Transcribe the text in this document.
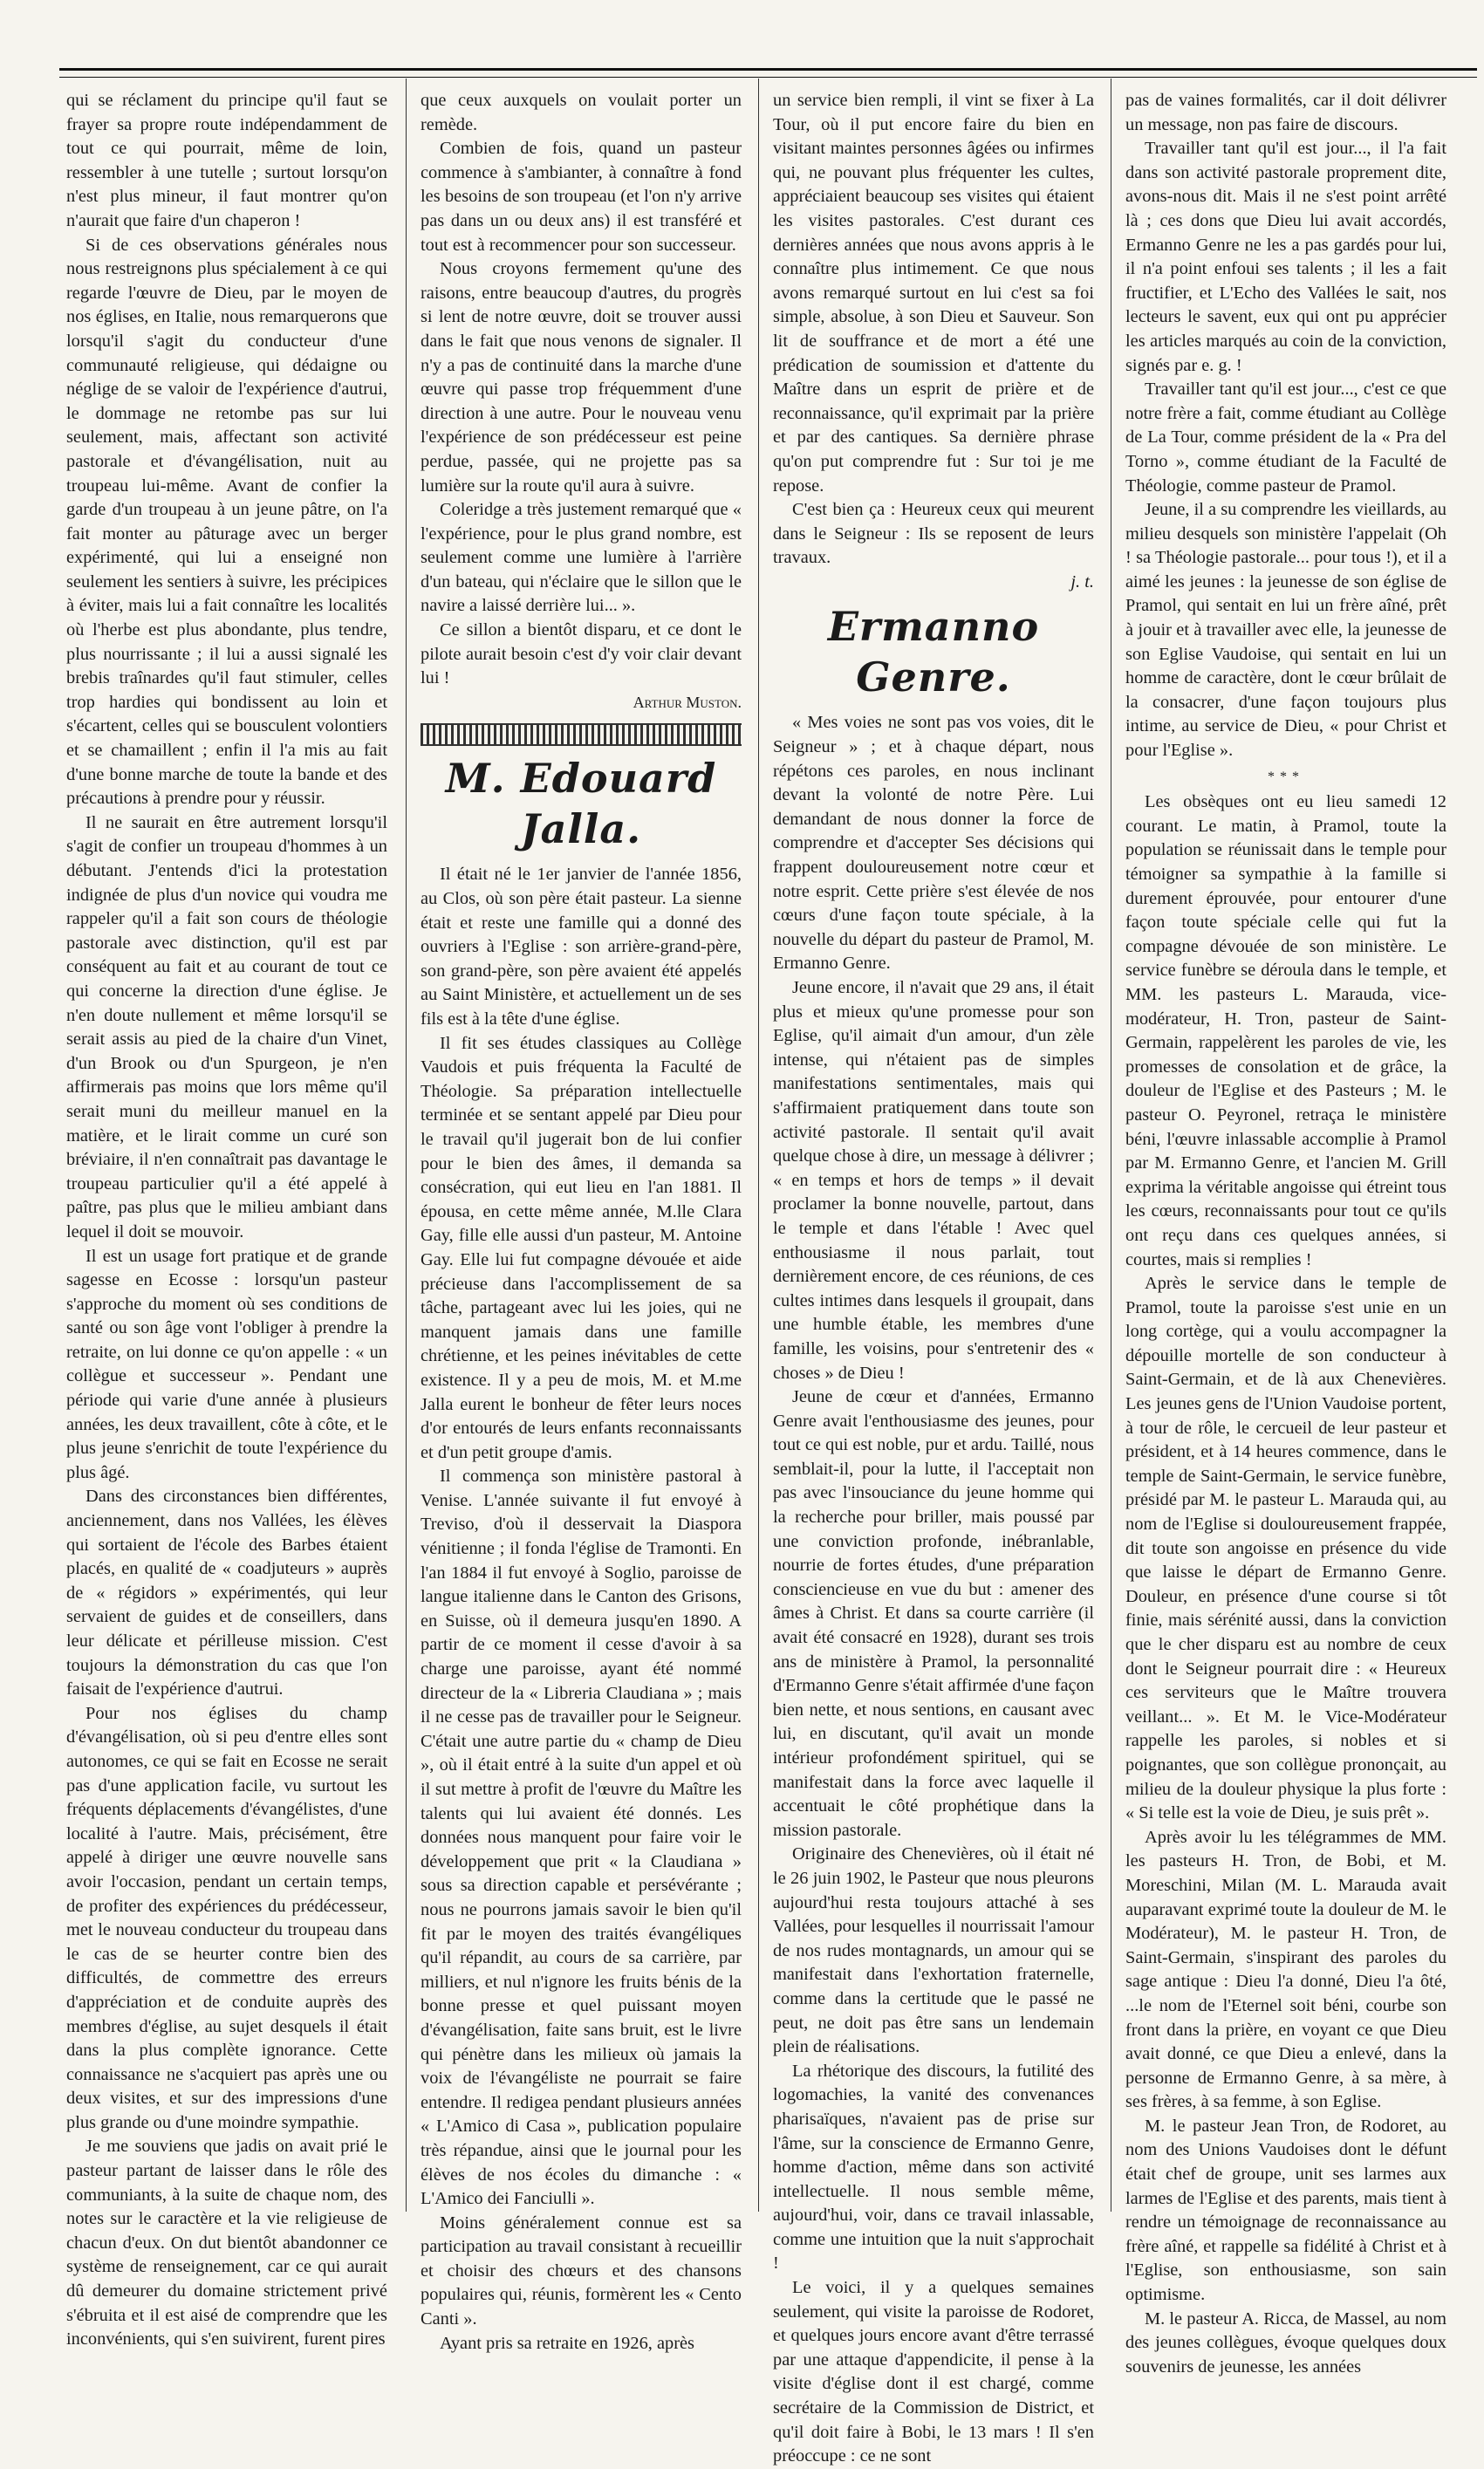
qui se réclament du principe qu'il faut se frayer sa propre route indépendamment de tout ce qui pourrait, même de loin, ressembler à une tutelle ; surtout lorsqu'on n'est plus mineur, il faut montrer qu'on n'aurait que faire d'un chaperon !

Si de ces observations générales nous nous restreignons plus spécialement à ce qui regarde l'œuvre de Dieu, par le moyen de nos églises, en Italie, nous remarquerons que lorsqu'il s'agit du conducteur d'une communauté religieuse, qui dédaigne ou néglige de se valoir de l'expérience d'autrui, le dommage ne retombe pas sur lui seulement, mais, affectant son activité pastorale et d'évangélisation, nuit au troupeau lui-même. Avant de confier la garde d'un troupeau à un jeune pâtre, on l'a fait monter au pâturage avec un berger expérimenté, qui lui a enseigné non seulement les sentiers à suivre, les précipices à éviter, mais lui a fait connaître les localités où l'herbe est plus abondante, plus tendre, plus nourrissante ; il lui a aussi signalé les brebis traînardes qu'il faut stimuler, celles trop hardies qui bondissent au loin et s'écartent, celles qui se bousculent volontiers et se chamaillent ; enfin il l'a mis au fait d'une bonne marche de toute la bande et des précautions à prendre pour y réussir.

Il ne saurait en être autrement lorsqu'il s'agit de confier un troupeau d'hommes à un débutant. J'entends d'ici la protestation indignée de plus d'un novice qui voudra me rappeler qu'il a fait son cours de théologie pastorale avec distinction, qu'il est par conséquent au fait et au courant de tout ce qui concerne la direction d'une église. Je n'en doute nullement et même lorsqu'il se serait assis au pied de la chaire d'un Vinet, d'un Brook ou d'un Spurgeon, je n'en affirmerais pas moins que lors même qu'il serait muni du meilleur manuel en la matière, et le lirait comme un curé son bréviaire, il n'en connaîtrait pas davantage le troupeau particulier qu'il a été appelé à paître, pas plus que le milieu ambiant dans lequel il doit se mouvoir.

Il est un usage fort pratique et de grande sagesse en Ecosse : lorsqu'un pasteur s'approche du moment où ses conditions de santé ou son âge vont l'obliger à prendre la retraite, on lui donne ce qu'on appelle : « un collègue et successeur ». Pendant une période qui varie d'une année à plusieurs années, les deux travaillent, côte à côte, et le plus jeune s'enrichit de toute l'expérience du plus âgé.

Dans des circonstances bien différentes, anciennement, dans nos Vallées, les élèves qui sortaient de l'école des Barbes étaient placés, en qualité de « coadjuteurs » auprès de « régidors » expérimentés, qui leur servaient de guides et de conseillers, dans leur délicate et périlleuse mission. C'est toujours la démonstration du cas que l'on faisait de l'expérience d'autrui.

Pour nos églises du champ d'évangélisation, où si peu d'entre elles sont autonomes, ce qui se fait en Ecosse ne serait pas d'une application facile, vu surtout les fréquents déplacements d'évangélistes, d'une localité à l'autre. Mais, précisément, être appelé à diriger une œuvre nouvelle sans avoir l'occasion, pendant un certain temps, de profiter des expériences du prédécesseur, met le nouveau conducteur du troupeau dans le cas de se heurter contre bien des difficultés, de commettre des erreurs d'appréciation et de conduite auprès des membres d'église, au sujet desquels il était dans la plus complète ignorance. Cette connaissance ne s'acquiert pas après une ou deux visites, et sur des impressions d'une plus grande ou d'une moindre sympathie.

Je me souviens que jadis on avait prié le pasteur partant de laisser dans le rôle des communiants, à la suite de chaque nom, des notes sur le caractère et la vie religieuse de chacun d'eux. On dut bientôt abandonner ce système de renseignement, car ce qui aurait dû demeurer du domaine strictement privé s'ébruita et il est aisé de comprendre que les inconvénients, qui s'en suivirent, furent pires

que ceux auxquels on voulait porter un remède.

Combien de fois, quand un pasteur commence à s'ambianter, à connaître à fond les besoins de son troupeau (et l'on n'y arrive pas dans un ou deux ans) il est transféré et tout est à recommencer pour son successeur.

Nous croyons fermement qu'une des raisons, entre beaucoup d'autres, du progrès si lent de notre œuvre, doit se trouver aussi dans le fait que nous venons de signaler. Il n'y a pas de continuité dans la marche d'une œuvre qui passe trop fréquemment d'une direction à une autre. Pour le nouveau venu l'expérience de son prédécesseur est peine perdue, passée, qui ne projette pas sa lumière sur la route qu'il aura à suivre.

Coleridge a très justement remarqué que « l'expérience, pour le plus grand nombre, est seulement comme une lumière à l'arrière d'un bateau, qui n'éclaire que le sillon que le navire a laissé derrière lui... ».

Ce sillon a bientôt disparu, et ce dont le pilote aurait besoin c'est d'y voir clair devant lui !

Arthur Muston.
M. Edouard Jalla.

Il était né le 1er janvier de l'année 1856, au Clos, où son père était pasteur. La sienne était et reste une famille qui a donné des ouvriers à l'Eglise : son arrière-grand-père, son grand-père, son père avaient été appelés au Saint Ministère, et actuellement un de ses fils est à la tête d'une église.

Il fit ses études classiques au Collège Vaudois et puis fréquenta la Faculté de Théologie. Sa préparation intellectuelle terminée et se sentant appelé par Dieu pour le travail qu'il jugerait bon de lui confier pour le bien des âmes, il demanda sa consécration, qui eut lieu en l'an 1881. Il épousa, en cette même année, M.lle Clara Gay, fille elle aussi d'un pasteur, M. Antoine Gay. Elle lui fut compagne dévouée et aide précieuse dans l'accomplissement de sa tâche, partageant avec lui les joies, qui ne manquent jamais dans une famille chrétienne, et les peines inévitables de cette existence. Il y a peu de mois, M. et M.me Jalla eurent le bonheur de fêter leurs noces d'or entourés de leurs enfants reconnaissants et d'un petit groupe d'amis.

Il commença son ministère pastoral à Venise. L'année suivante il fut envoyé à Treviso, d'où il desservait la Diaspora vénitienne ; il fonda l'église de Tramonti. En l'an 1884 il fut envoyé à Soglio, paroisse de langue italienne dans le Canton des Grisons, en Suisse, où il demeura jusqu'en 1890. A partir de ce moment il cesse d'avoir à sa charge une paroisse, ayant été nommé directeur de la « Libreria Claudiana » ; mais il ne cesse pas de travailler pour le Seigneur. C'était une autre partie du « champ de Dieu », où il était entré à la suite d'un appel et où il sut mettre à profit de l'œuvre du Maître les talents qui lui avaient été donnés. Les données nous manquent pour faire voir le développement que prit « la Claudiana » sous sa direction capable et persévérante ; nous ne pourrons jamais savoir le bien qu'il fit par le moyen des traités évangéliques qu'il répandit, au cours de sa carrière, par milliers, et nul n'ignore les fruits bénis de la bonne presse et quel puissant moyen d'évangélisation, faite sans bruit, est le livre qui pénètre dans les milieux où jamais la voix de l'évangéliste ne pourrait se faire entendre. Il redigea pendant plusieurs années « L'Amico di Casa », publication populaire très répandue, ainsi que le journal pour les élèves de nos écoles du dimanche : « L'Amico dei Fanciulli ».

Moins généralement connue est sa participation au travail consistant à recueillir et choisir des chœurs et des chansons populaires qui, réunis, formèrent les « Cento Canti ».

Ayant pris sa retraite en 1926, après

un service bien rempli, il vint se fixer à La Tour, où il put encore faire du bien en visitant maintes personnes âgées ou infirmes qui, ne pouvant plus fréquenter les cultes, appréciaient beaucoup ses visites qui étaient les visites pastorales. C'est durant ces dernières années que nous avons appris à le connaître plus intimement. Ce que nous avons remarqué surtout en lui c'est sa foi simple, absolue, à son Dieu et Sauveur. Son lit de souffrance et de mort a été une prédication de soumission et d'attente du Maître dans un esprit de prière et de reconnaissance, qu'il exprimait par la prière et par des cantiques. Sa dernière phrase qu'on put comprendre fut : Sur toi je me repose.

C'est bien ça : Heureux ceux qui meurent dans le Seigneur : Ils se reposent de leurs travaux.

j. t.
Ermanno Genre.

« Mes voies ne sont pas vos voies, dit le Seigneur » ; et à chaque départ, nous répétons ces paroles, en nous inclinant devant la volonté de notre Père. Lui demandant de nous donner la force de comprendre et d'accepter Ses décisions qui frappent douloureusement notre cœur et notre esprit. Cette prière s'est élevée de nos cœurs d'une façon toute spéciale, à la nouvelle du départ du pasteur de Pramol, M. Ermanno Genre.

Jeune encore, il n'avait que 29 ans, il était plus et mieux qu'une promesse pour son Eglise, qu'il aimait d'un amour, d'un zèle intense, qui n'étaient pas de simples manifestations sentimentales, mais qui s'affirmaient pratiquement dans toute son activité pastorale. Il sentait qu'il avait quelque chose à dire, un message à délivrer ; « en temps et hors de temps » il devait proclamer la bonne nouvelle, partout, dans le temple et dans l'étable ! Avec quel enthousiasme il nous parlait, tout dernièrement encore, de ces réunions, de ces cultes intimes dans lesquels il groupait, dans une humble étable, les membres d'une famille, les voisins, pour s'entretenir des « choses » de Dieu !

Jeune de cœur et d'années, Ermanno Genre avait l'enthousiasme des jeunes, pour tout ce qui est noble, pur et ardu. Taillé, nous semblait-il, pour la lutte, il l'acceptait non pas avec l'insouciance du jeune homme qui la recherche pour briller, mais poussé par une conviction profonde, inébranlable, nourrie de fortes études, d'une préparation consciencieuse en vue du but : amener des âmes à Christ. Et dans sa courte carrière (il avait été consacré en 1928), durant ses trois ans de ministère à Pramol, la personnalité d'Ermanno Genre s'était affirmée d'une façon bien nette, et nous sentions, en causant avec lui, en discutant, qu'il avait un monde intérieur profondément spirituel, qui se manifestait dans la force avec laquelle il accentuait le côté prophétique dans la mission pastorale.

Originaire des Chenevières, où il était né le 26 juin 1902, le Pasteur que nous pleurons aujourd'hui resta toujours attaché à ses Vallées, pour lesquelles il nourrissait l'amour de nos rudes montagnards, un amour qui se manifestait dans l'exhortation fraternelle, comme dans la certitude que le passé ne peut, ne doit pas être sans un lendemain plein de réalisations.

La rhétorique des discours, la futilité des logomachies, la vanité des convenances pharisaïques, n'avaient pas de prise sur l'âme, sur la conscience de Ermanno Genre, homme d'action, même dans son activité intellectuelle. Il nous semble même, aujourd'hui, voir, dans ce travail inlassable, comme une intuition que la nuit s'approchait !

Le voici, il y a quelques semaines seulement, qui visite la paroisse de Rodoret, et quelques jours encore avant d'être terrassé par une attaque d'appendicite, il pense à la visite d'église dont il est chargé, comme secrétaire de la Commission de District, et qu'il doit faire à Bobi, le 13 mars ! Il s'en préoccupe : ce ne sont

pas de vaines formalités, car il doit délivrer un message, non pas faire de discours.

Travailler tant qu'il est jour..., il l'a fait dans son activité pastorale proprement dite, avons-nous dit. Mais il ne s'est point arrêté là ; ces dons que Dieu lui avait accordés, Ermanno Genre ne les a pas gardés pour lui, il n'a point enfoui ses talents ; il les a fait fructifier, et L'Echo des Vallées le sait, nos lecteurs le savent, eux qui ont pu apprécier les articles marqués au coin de la conviction, signés par e. g. !

Travailler tant qu'il est jour..., c'est ce que notre frère a fait, comme étudiant au Collège de La Tour, comme président de la « Pra del Torno », comme étudiant de la Faculté de Théologie, comme pasteur de Pramol.

Jeune, il a su comprendre les vieillards, au milieu desquels son ministère l'appelait (Oh ! sa Théologie pastorale... pour tous !), et il a aimé les jeunes : la jeunesse de son église de Pramol, qui sentait en lui un frère aîné, prêt à jouir et à travailler avec elle, la jeunesse de son Eglise Vaudoise, qui sentait en lui un homme de caractère, dont le cœur brûlait de la consacrer, d'une façon toujours plus intime, au service de Dieu, « pour Christ et pour l'Eglise ».

***

Les obsèques ont eu lieu samedi 12 courant. Le matin, à Pramol, toute la population se réunissait dans le temple pour témoigner sa sympathie à la famille si durement éprouvée, pour entourer d'une façon toute spéciale celle qui fut la compagne dévouée de son ministère. Le service funèbre se déroula dans le temple, et MM. les pasteurs L. Marauda, vice-modérateur, H. Tron, pasteur de Saint-Germain, rappelèrent les paroles de vie, les promesses de consolation et de grâce, la douleur de l'Eglise et des Pasteurs ; M. le pasteur O. Peyronel, retraça le ministère béni, l'œuvre inlassable accomplie à Pramol par M. Ermanno Genre, et l'ancien M. Grill exprima la véritable angoisse qui étreint tous les cœurs, reconnaissants pour tout ce qu'ils ont reçu dans ces quelques années, si courtes, mais si remplies !

Après le service dans le temple de Pramol, toute la paroisse s'est unie en un long cortège, qui a voulu accompagner la dépouille mortelle de son conducteur à Saint-Germain, et de là aux Chenevières. Les jeunes gens de l'Union Vaudoise portent, à tour de rôle, le cercueil de leur pasteur et président, et à 14 heures commence, dans le temple de Saint-Germain, le service funèbre, présidé par M. le pasteur L. Marauda qui, au nom de l'Eglise si douloureusement frappée, dit toute son angoisse en présence du vide que laisse le départ de Ermanno Genre. Douleur, en présence d'une course si tôt finie, mais sérénité aussi, dans la conviction que le cher disparu est au nombre de ceux dont le Seigneur pourrait dire : « Heureux ces serviteurs que le Maître trouvera veillant... ». Et M. le Vice-Modérateur rappelle les paroles, si nobles et si poignantes, que son collègue prononçait, au milieu de la douleur physique la plus forte : « Si telle est la voie de Dieu, je suis prêt ».

Après avoir lu les télégrammes de MM. les pasteurs H. Tron, de Bobi, et M. Moreschini, Milan (M. L. Marauda avait auparavant exprimé toute la douleur de M. le Modérateur), M. le pasteur H. Tron, de Saint-Germain, s'inspirant des paroles du sage antique : Dieu l'a donné, Dieu l'a ôté, ...le nom de l'Eternel soit béni, courbe son front dans la prière, en voyant ce que Dieu avait donné, ce que Dieu a enlevé, dans la personne de Ermanno Genre, à sa mère, à ses frères, à sa femme, à son Eglise.

M. le pasteur Jean Tron, de Rodoret, au nom des Unions Vaudoises dont le défunt était chef de groupe, unit ses larmes aux larmes de l'Eglise et des parents, mais tient à rendre un témoignage de reconnaissance au frère aîné, et rappelle sa fidélité à Christ et à l'Eglise, son enthousiasme, son sain optimisme.

M. le pasteur A. Ricca, de Massel, au nom des jeunes collègues, évoque quelques doux souvenirs de jeunesse, les années
